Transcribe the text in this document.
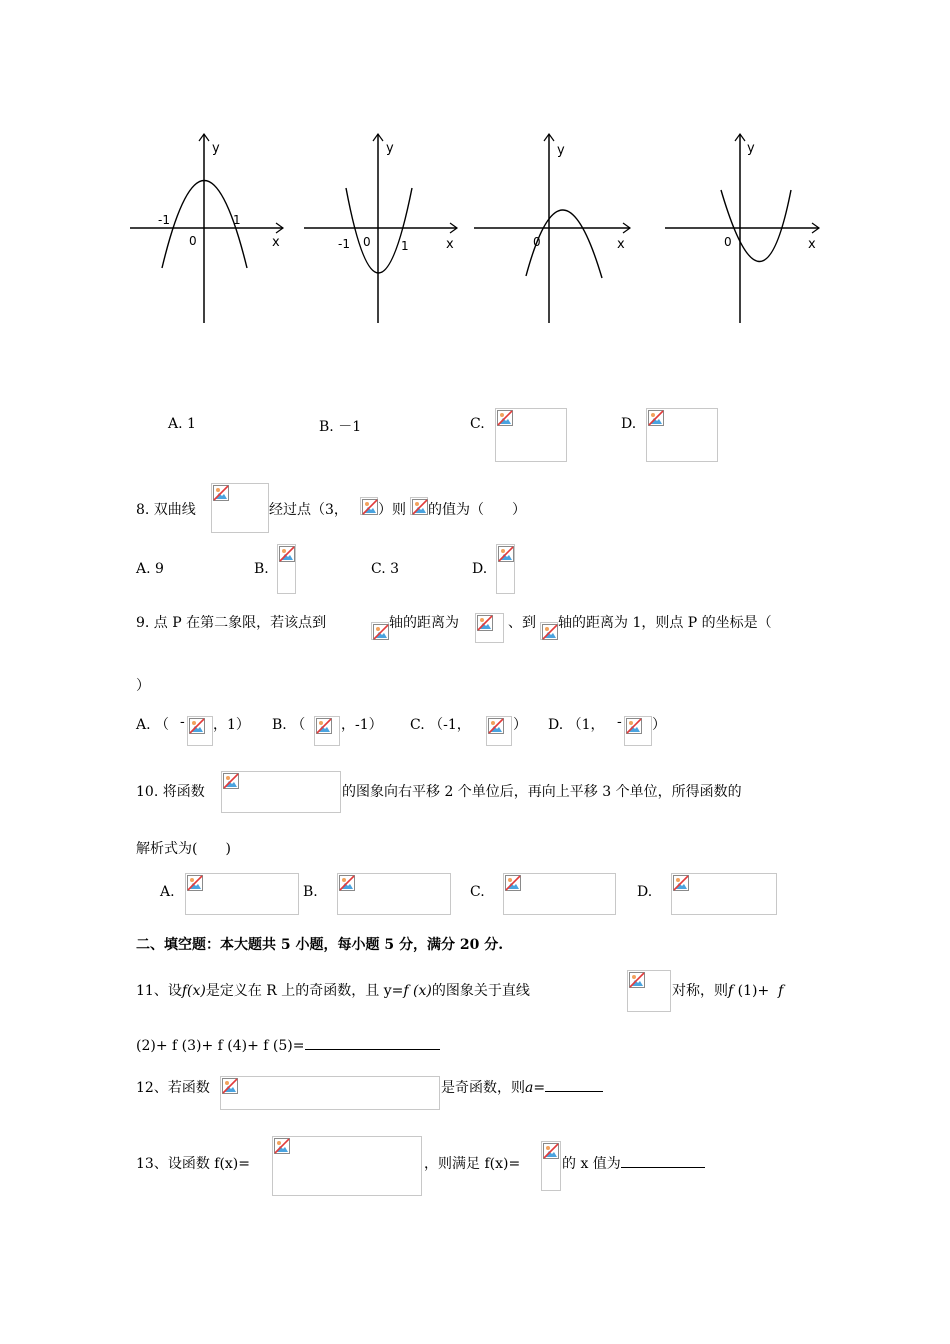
y
x
0
-1	1
y
x
0
-1	1
y
x
0
y
x
0
A. 1	B. －1	C.	D.
8. 双曲线	经过点（3， ）则 的值为（　　）
A. 9	B.	C. 3	D.
9. 点 P 在第二象限，若该点到	轴的距离为	、到 轴的距离为 1，则点 P 的坐标是（
）
A. （ - ，1） B. （	，-1） C. （-1，	） D. （1， - ）
10. 将函数	的图象向右平移 2 个单位后，再向上平移 3 个单位，所得函数的
解析式为(　　)
A.	B.	C.	D.
二、填空题：本大题共 5 小题，每小题 5 分，满分 20 分.
11、设f(x)是定义在 R 上的奇函数，且 y=f (x)的图象关于直线	对称，则f (1)+ f
(2)+ f (3)+ f (4)+ f (5)=
12、若函数	是奇函数，则a=
13、设函数 f(x)=	，则满足 f(x)=	的 x 值为
